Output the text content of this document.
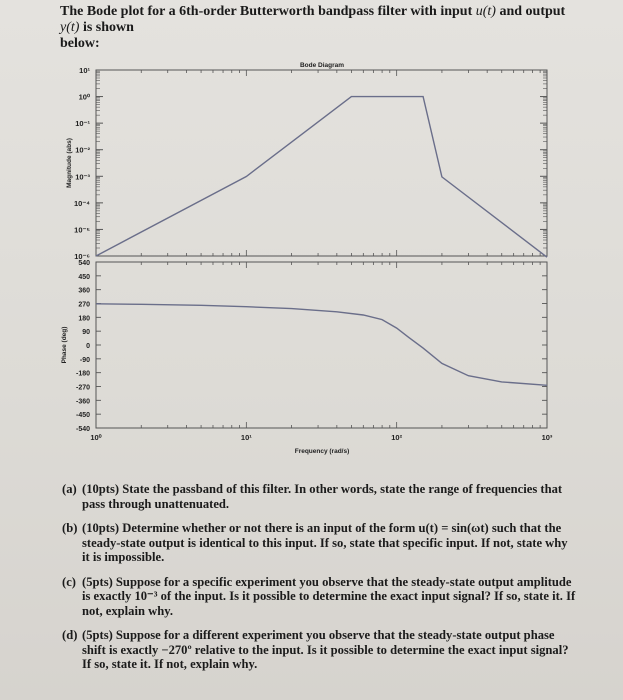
The Bode plot for a 6th-order Butterworth bandpass filter with input u(t) and output y(t) is shown
below:
10¹
10⁰
10⁻¹
10⁻²
10⁻³
10⁻⁴
10⁻⁵
10⁻⁶
540
450
360
270
180
90
0
-90
-180
-270
-360
-450
-540
10⁰	10¹	10²	10³
Bode Diagram
Frequency (rad/s)
Magnitude (abs)
Phase (deg)
(a) (10pts) State the passband of this filter. In other words, state the range of frequencies that pass through unattenuated.
(b) (10pts) Determine whether or not there is an input of the form u(t) = sin(ωt) such that the steady-state output is identical to this input. If so, state that specific input. If not, state why it is impossible.
(c) (5pts) Suppose for a specific experiment you observe that the steady-state output amplitude is exactly 10⁻³ of the input. Is it possible to determine the exact input signal? If so, state it. If not, explain why.
(d) (5pts) Suppose for a different experiment you observe that the steady-state output phase shift is exactly −270º relative to the input. Is it possible to determine the exact input signal? If so, state it. If not, explain why.
